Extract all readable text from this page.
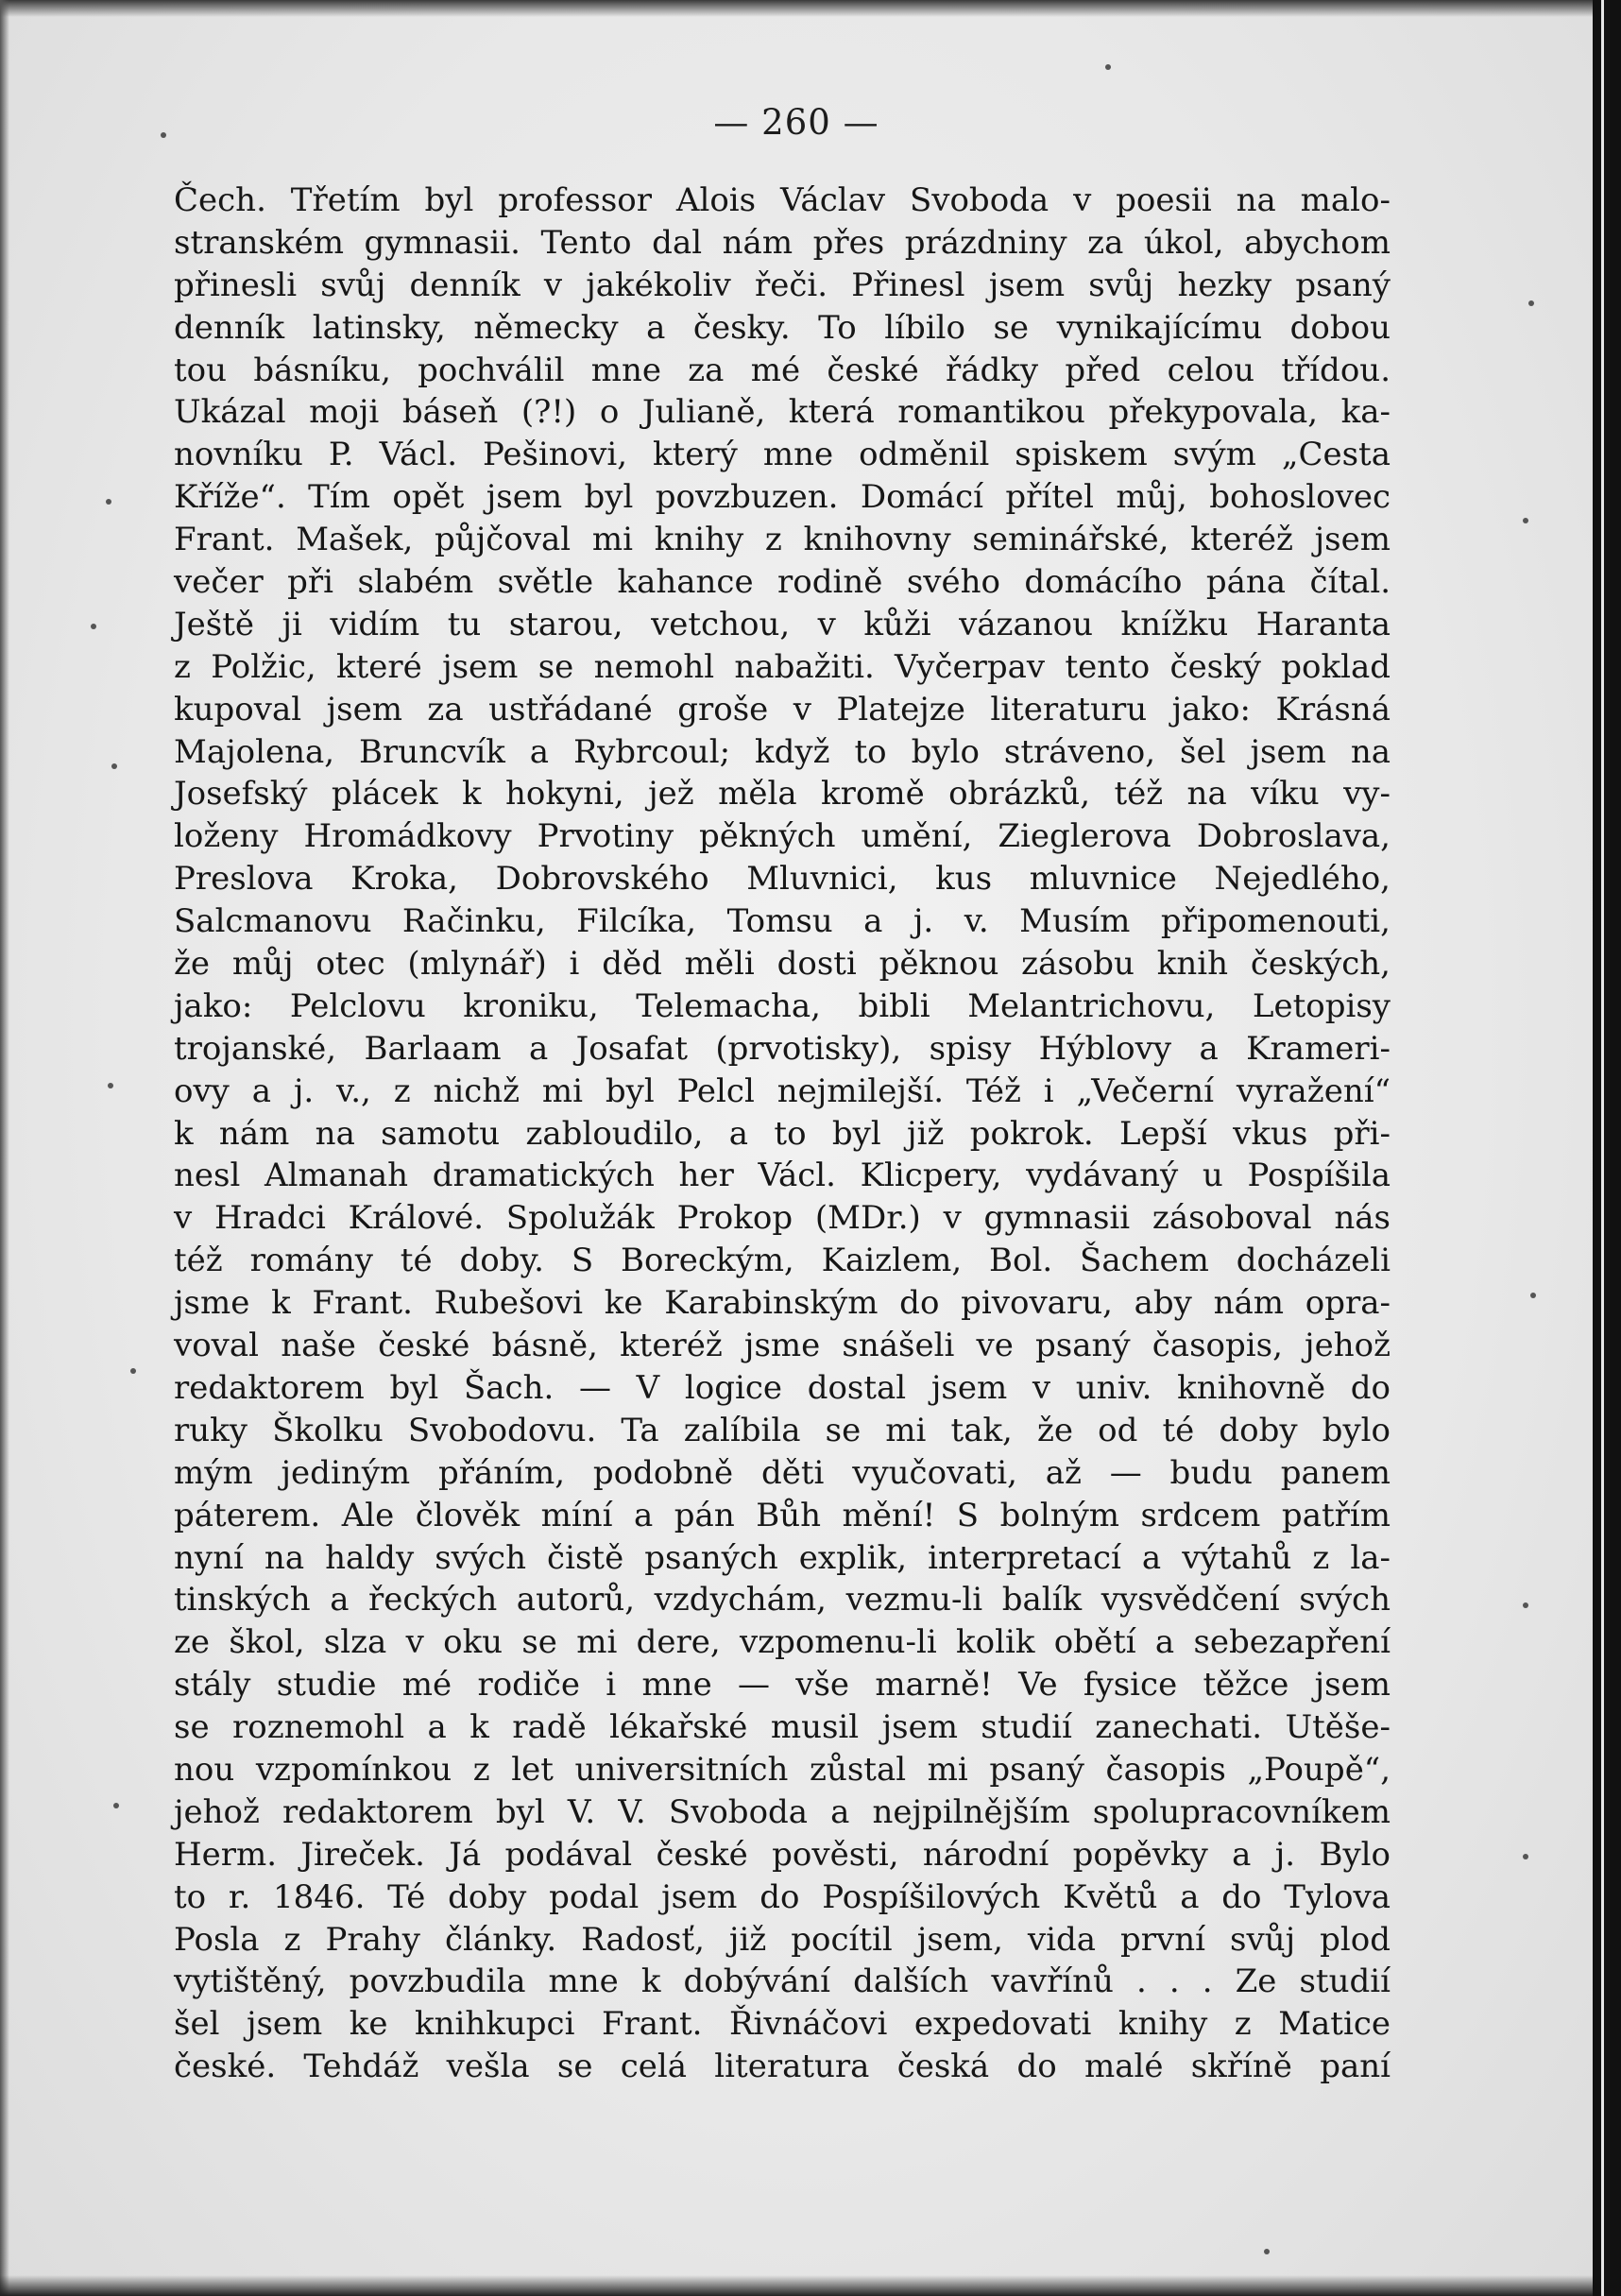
— 260 —
Čech. Třetím byl professor Alois Václav Svoboda v poesii na malo-
stranském gymnasii. Tento dal nám přes prázdniny za úkol, abychom
přinesli svůj denník v jakékoliv řeči. Přinesl jsem svůj hezky psaný
denník latinsky, německy a česky. To líbilo se vynikajícímu dobou
tou básníku, pochválil mne za mé české řádky před celou třídou.
Ukázal moji báseň (?!) o Julianě, která romantikou překypovala, ka-
novníku P. Václ. Pešinovi, který mne odměnil spiskem svým „Cesta
Kříže“. Tím opět jsem byl povzbuzen. Domácí přítel můj, bohoslovec
Frant. Mašek, půjčoval mi knihy z knihovny seminářské, kteréž jsem
večer při slabém světle kahance rodině svého domácího pána čítal.
Ještě ji vidím tu starou, vetchou, v kůži vázanou knížku Haranta
z Polžic, které jsem se nemohl nabažiti. Vyčerpav tento český poklad
kupoval jsem za ustřádané groše v Platejze literaturu jako: Krásná
Majolena, Bruncvík a Rybrcoul; když to bylo stráveno, šel jsem na
Josefský plácek k hokyni, jež měla kromě obrázků, též na víku vy-
loženy Hromádkovy Prvotiny pěkných umění, Zieglerova Dobroslava,
Preslova Kroka, Dobrovského Mluvnici, kus mluvnice Nejedlého,
Salcmanovu Račinku, Filcíka, Tomsu a j. v. Musím připomenouti,
že můj otec (mlynář) i děd měli dosti pěknou zásobu knih českých,
jako: Pelclovu kroniku, Telemacha, bibli Melantrichovu, Letopisy
trojanské, Barlaam a Josafat (prvotisky), spisy Hýblovy a Krameri-
ovy a j. v., z nichž mi byl Pelcl nejmilejší. Též i „Večerní vyražení“
k nám na samotu zabloudilo, a to byl již pokrok. Lepší vkus při-
nesl Almanah dramatických her Václ. Klicpery, vydávaný u Pospíšila
v Hradci Králové. Spolužák Prokop (MDr.) v gymnasii zásoboval nás
též romány té doby. S Boreckým, Kaizlem, Bol. Šachem docházeli
jsme k Frant. Rubešovi ke Karabinským do pivovaru, aby nám opra-
voval naše české básně, kteréž jsme snášeli ve psaný časopis, jehož
redaktorem byl Šach. — V logice dostal jsem v univ. knihovně do
ruky Školku Svobodovu. Ta zalíbila se mi tak, že od té doby bylo
mým jediným přáním, podobně děti vyučovati, až — budu panem
páterem. Ale člověk míní a pán Bůh mění! S bolným srdcem patřím
nyní na haldy svých čistě psaných explik, interpretací a výtahů z la-
tinských a řeckých autorů, vzdychám, vezmu-li balík vysvědčení svých
ze škol, slza v oku se mi dere, vzpomenu-li kolik obětí a sebezapření
stály studie mé rodiče i mne — vše marně! Ve fysice těžce jsem
se roznemohl a k radě lékařské musil jsem studií zanechati. Utěše-
nou vzpomínkou z let universitních zůstal mi psaný časopis „Poupě“,
jehož redaktorem byl V. V. Svoboda a nejpilnějším spolupracovníkem
Herm. Jireček. Já podával české pověsti, národní popěvky a j. Bylo
to r. 1846. Té doby podal jsem do Pospíšilových Květů a do Tylova
Posla z Prahy články. Radosť, již pocítil jsem, vida první svůj plod
vytištěný, povzbudila mne k dobývání dalších vavřínů . . . Ze studií
šel jsem ke knihkupci Frant. Řivnáčovi expedovati knihy z Matice
české. Tehdáž vešla se celá literatura česká do malé skříně paní
